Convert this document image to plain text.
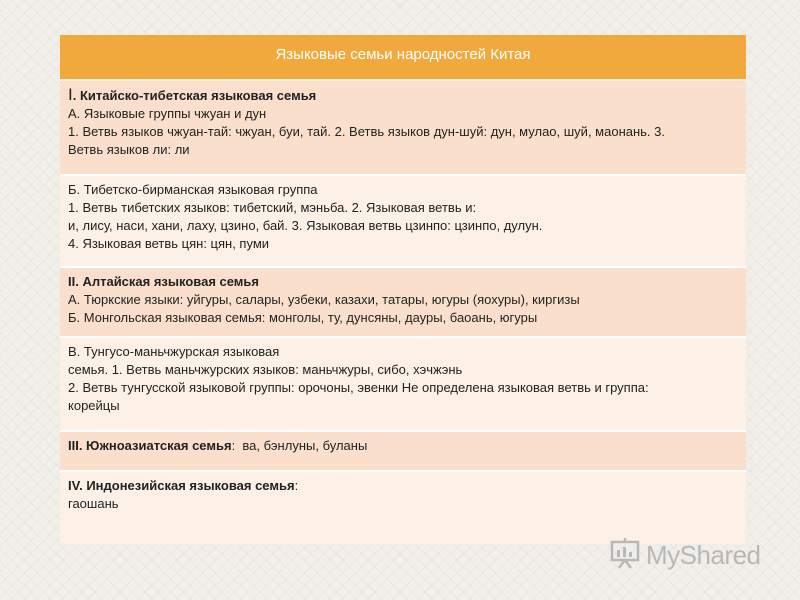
Языковые семьи народностей Китая

I. Китайско-тибетская языковая семья

А. Языковые группы чжуан и дун

1. Ветвь языков чжуан-тай: чжуан, буи, тай. 2. Ветвь языков дун-шуй: дун, мулао, шуй, маонань. 3.

Ветвь языков ли: ли

Б. Тибетско-бирманская языковая группа

1. Ветвь тибетских языков: тибетский, мэньба. 2. Языковая ветвь и:

и, лису, наси, хани, лаху, цзино, бай. 3. Языковая ветвь цзинпо: цзинпо, дулун.

4. Языковая ветвь цян: цян, пуми

II. Алтайская языковая семья

А. Тюркские языки: уйгуры, салары, узбеки, казахи, татары, югуры (яохуры), киргизы

Б. Монгольская языковая семья: монголы, ту, дунсяны, дауры, баоань, югуры

В. Тунгусо-маньчжурская языковая

семья. 1. Ветвь маньчжурских языков: маньчжуры, сибо, хэчжэнь

2. Ветвь тунгусской языковой группы: орочоны, эвенки Не определена языковая ветвь и группа:

корейцы

III. Южноазиатская семья:  ва, бэнлуны, буланы

IV. Индонезийская языковая семья:

гаошань

MyShared
